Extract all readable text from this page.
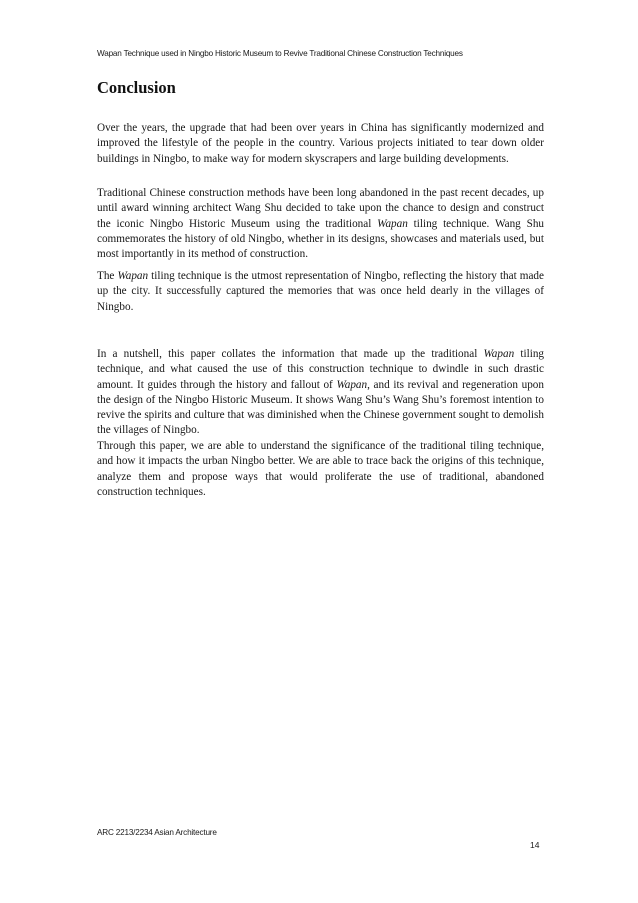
Wapan Technique used in Ningbo Historic Museum to Revive Traditional Chinese Construction Techniques
Conclusion

Over the years, the upgrade that had been over years in China has significantly modernized and improved the lifestyle of the people in the country. Various projects initiated to tear down older buildings in Ningbo, to make way for modern skyscrapers and large building developments.

Traditional Chinese construction methods have been long abandoned in the past recent decades, up until award winning architect Wang Shu decided to take upon the chance to design and construct the iconic Ningbo Historic Museum using the traditional Wapan tiling technique. Wang Shu commemorates the history of old Ningbo, whether in its designs, showcases and materials used, but most importantly in its method of construction.

The Wapan tiling technique is the utmost representation of Ningbo, reflecting the history that made up the city. It successfully captured the memories that was once held dearly in the villages of Ningbo.

In a nutshell, this paper collates the information that made up the traditional Wapan tiling technique, and what caused the use of this construction technique to dwindle in such drastic amount. It guides through the history and fallout of Wapan, and its revival and regeneration upon the design of the Ningbo Historic Museum. It shows Wang Shu’s Wang Shu’s foremost intention to revive the spirits and culture that was diminished when the Chinese government sought to demolish the villages of Ningbo.

Through this paper, we are able to understand the significance of the traditional tiling technique, and how it impacts the urban Ningbo better. We are able to trace back the origins of this technique, analyze them and propose ways that would proliferate the use of traditional, abandoned construction techniques.

ARC 2213/2234 Asian Architecture
14
